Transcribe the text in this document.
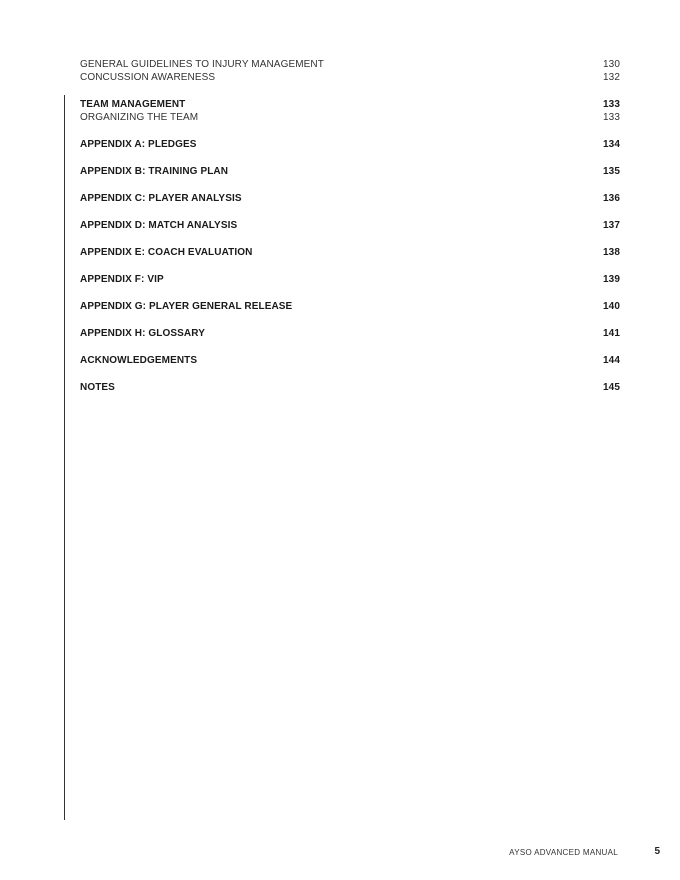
GENERAL GUIDELINES TO INJURY MANAGEMENT	130
CONCUSSION AWARENESS	132
TEAM MANAGEMENT	133
ORGANIZING THE TEAM	133
APPENDIX A: PLEDGES	134
APPENDIX B: TRAINING PLAN	135
APPENDIX C: PLAYER ANALYSIS	136
APPENDIX D: MATCH ANALYSIS	137
APPENDIX E: COACH EVALUATION	138
APPENDIX F: VIP	139
APPENDIX G: PLAYER GENERAL RELEASE	140
APPENDIX H: GLOSSARY	141
ACKNOWLEDGEMENTS	144
NOTES	145
AYSO ADVANCED MANUAL	5
